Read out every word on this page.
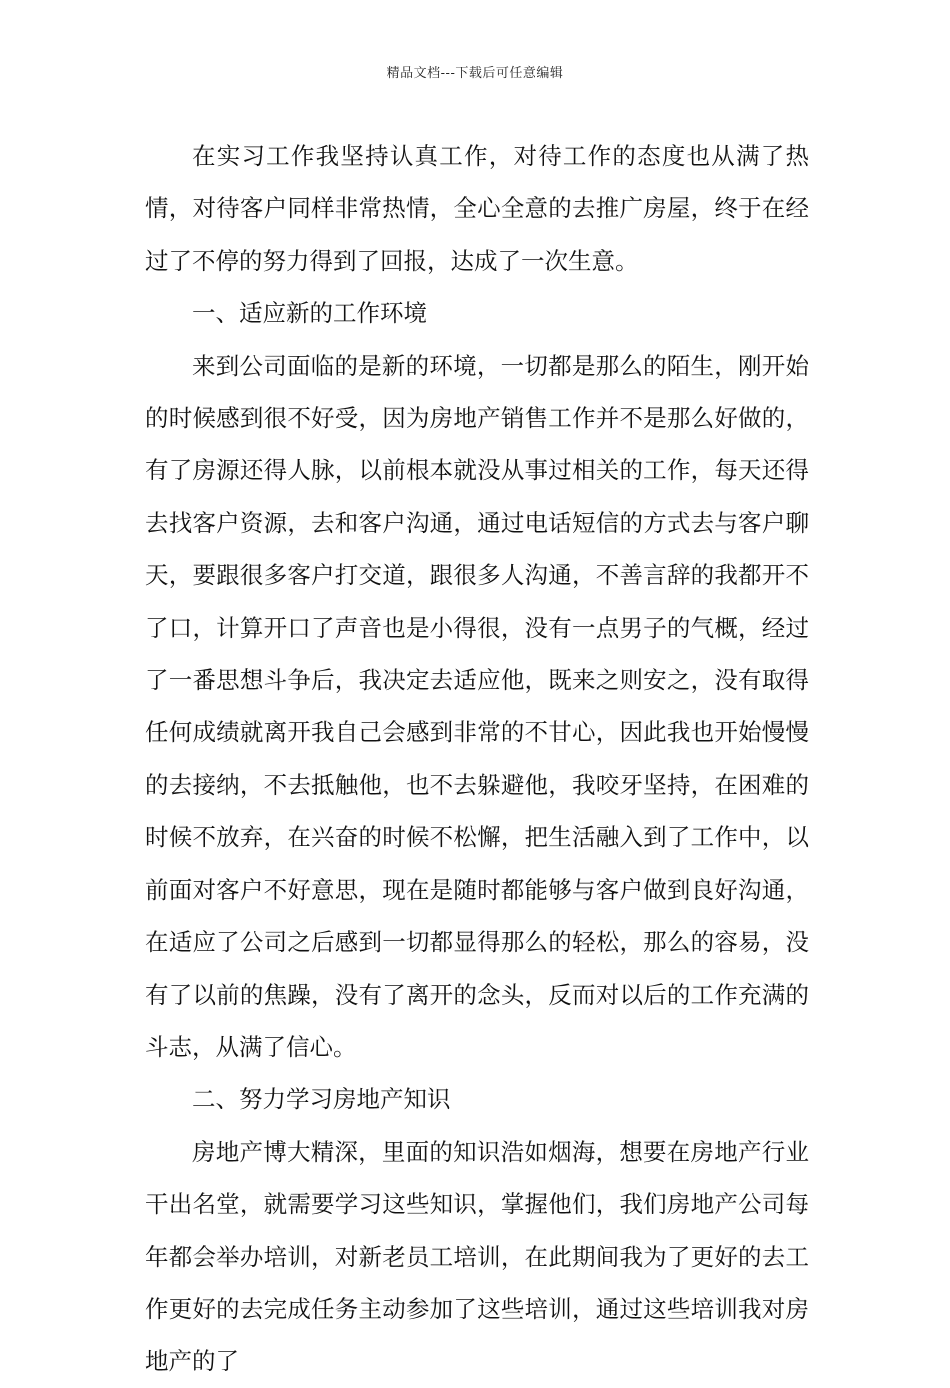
精品文档---下载后可任意编辑

在实习工作我坚持认真工作，对待工作的态度也从满了热情，对待客户同样非常热情，全心全意的去推广房屋，终于在经过了不停的努力得到了回报，达成了一次生意。

一、适应新的工作环境

来到公司面临的是新的环境，一切都是那么的陌生，刚开始的时候感到很不好受，因为房地产销售工作并不是那么好做的，有了房源还得人脉，以前根本就没从事过相关的工作，每天还得去找客户资源，去和客户沟通，通过电话短信的方式去与客户聊天，要跟很多客户打交道，跟很多人沟通，不善言辞的我都开不了口，计算开口了声音也是小得很，没有一点男子的气概，经过了一番思想斗争后，我决定去适应他，既来之则安之，没有取得任何成绩就离开我自己会感到非常的不甘心，因此我也开始慢慢的去接纳，不去抵触他，也不去躲避他，我咬牙坚持，在困难的时候不放弃，在兴奋的时候不松懈，把生活融入到了工作中，以前面对客户不好意思，现在是随时都能够与客户做到良好沟通，在适应了公司之后感到一切都显得那么的轻松，那么的容易，没有了以前的焦躁，没有了离开的念头，反而对以后的工作充满的斗志，从满了信心。

二、努力学习房地产知识

房地产博大精深，里面的知识浩如烟海，想要在房地产行业干出名堂，就需要学习这些知识，掌握他们，我们房地产公司每年都会举办培训，对新老员工培训，在此期间我为了更好的去工作更好的去完成任务主动参加了这些培训，通过这些培训我对房地产的了
